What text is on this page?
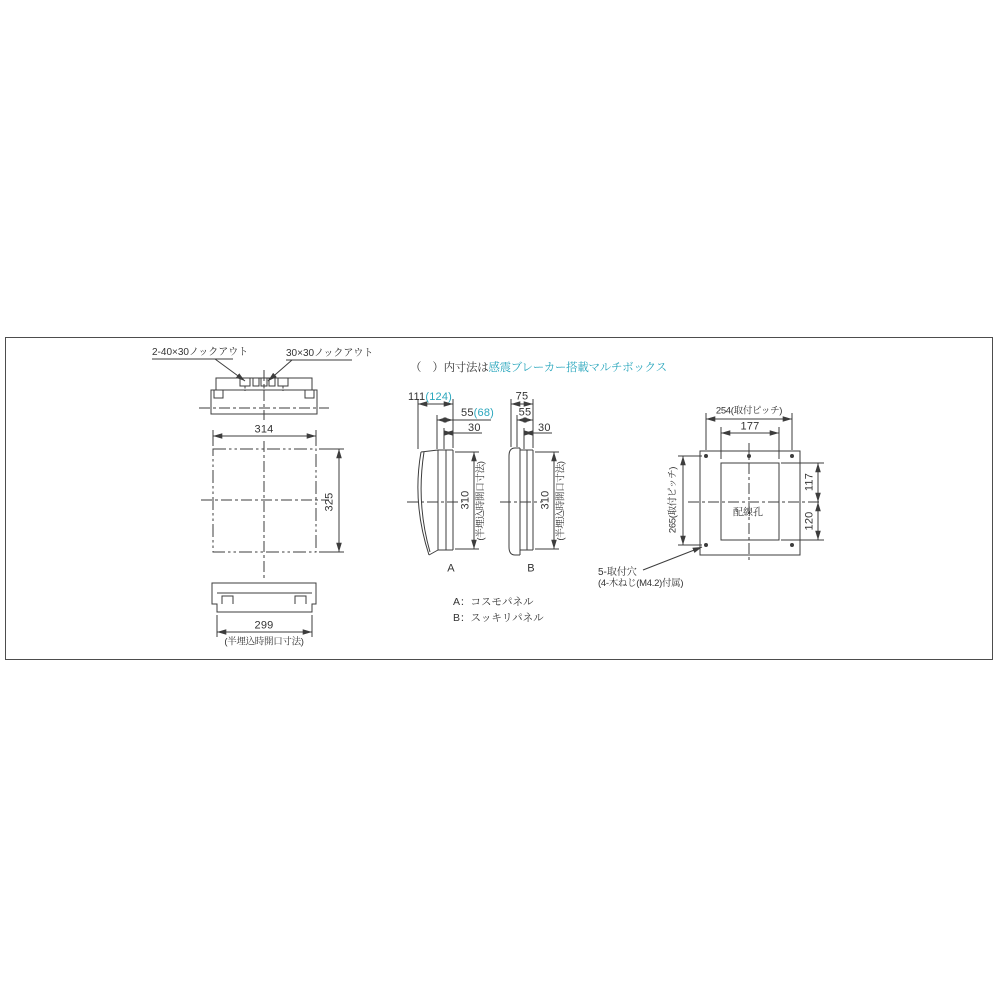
（　）内寸法は感震ブレーカー搭載マルチボックス
2-40×30ノックアウト	30×30ノックアウト
314
325
299
(半埋込時開口寸法)
111(124)
55(68)
30
310 (半埋込時開口寸法)
A
75
55
30
310 (半埋込時開口寸法)
B
A：コスモパネル
B：スッキリパネル
254(取付ピッチ)
177
265(取付ピッチ)	117
120
配線孔
5-取付穴
(4-木ねじ(M4.2)付属)
